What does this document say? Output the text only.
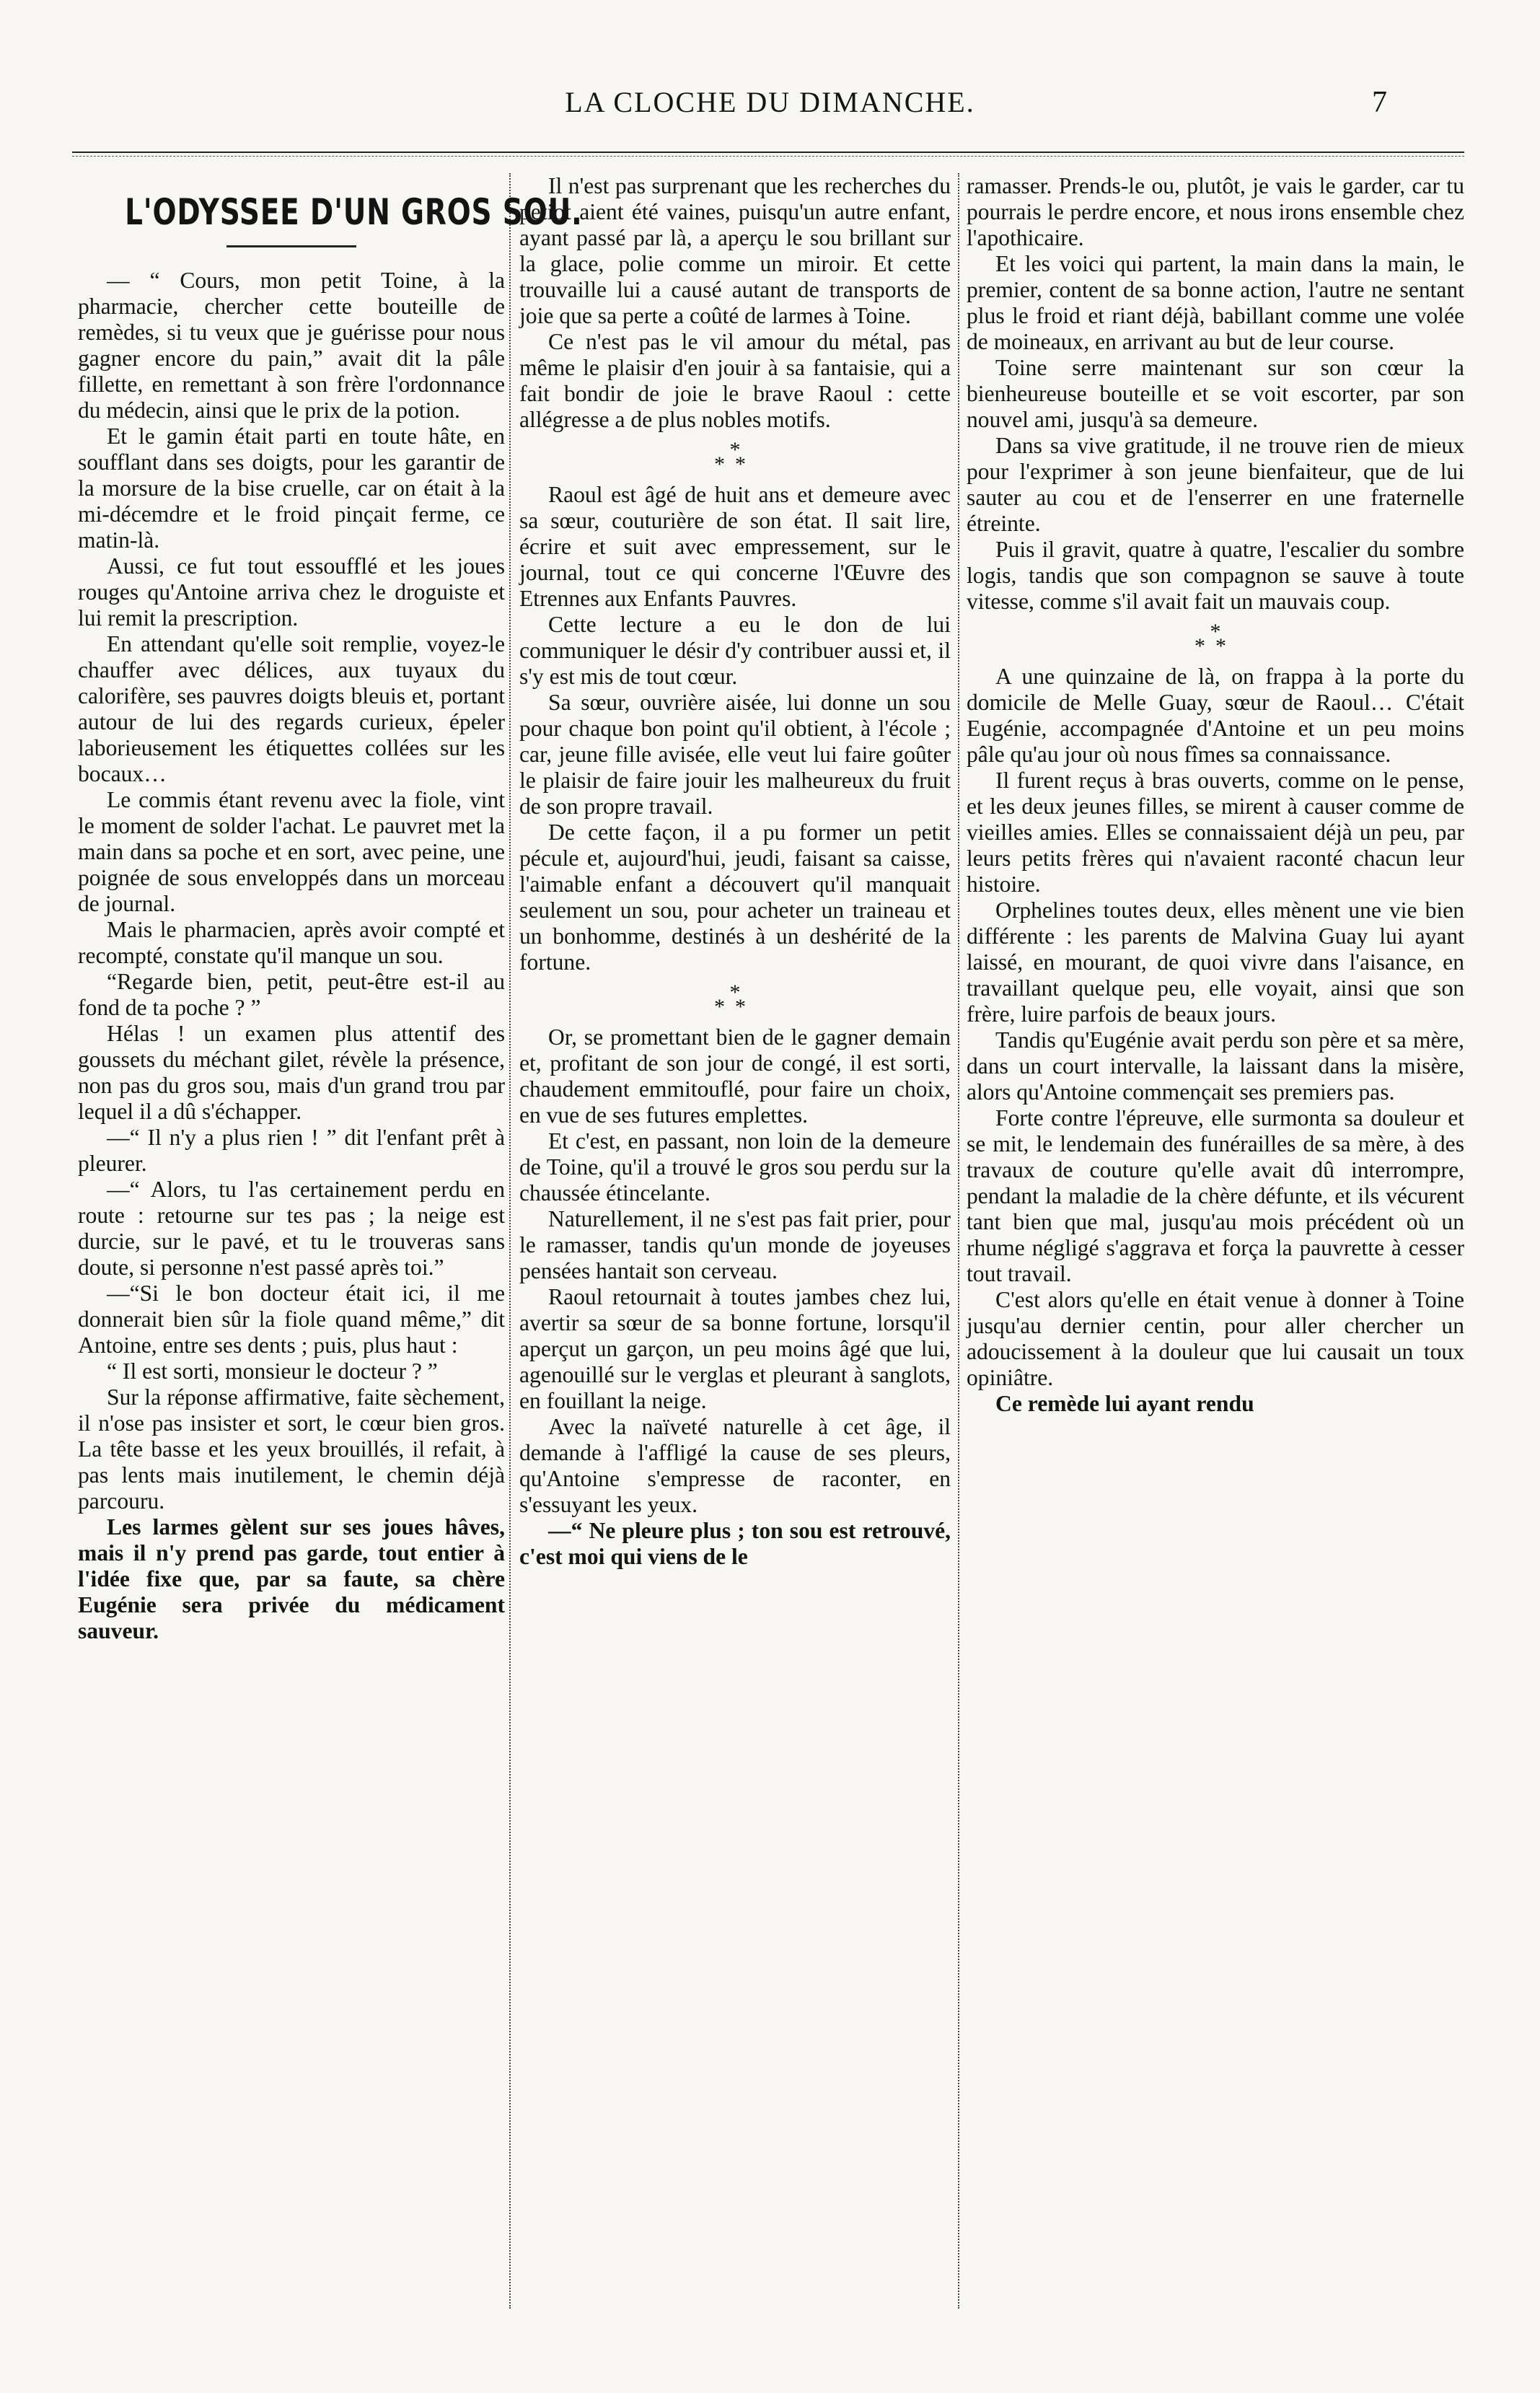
LA CLOCHE DU DIMANCHE.	7
L'ODYSSEE D'UN GROS SOU.

— “ Cours, mon petit Toine, à la pharmacie, chercher cette bouteille de remèdes, si tu veux que je guérisse pour nous gagner encore du pain,” avait dit la pâle fillette, en remettant à son frère l'ordonnance du médecin, ainsi que le prix de la potion.

Et le gamin était parti en toute hâte, en soufflant dans ses doigts, pour les garantir de la morsure de la bise cruelle, car on était à la mi-décemdre et le froid pinçait ferme, ce matin-là.

Aussi, ce fut tout essoufflé et les joues rouges qu'Antoine arriva chez le droguiste et lui remit la prescription.

En attendant qu'elle soit remplie, voyez-le chauffer avec délices, aux tuyaux du calorifère, ses pauvres doigts bleuis et, portant autour de lui des regards curieux, épeler laborieusement les étiquettes collées sur les bocaux…

Le commis étant revenu avec la fiole, vint le moment de solder l'achat. Le pauvret met la main dans sa poche et en sort, avec peine, une poignée de sous enveloppés dans un morceau de journal.

Mais le pharmacien, après avoir compté et recompté, constate qu'il manque un sou.

“Regarde bien, petit, peut-être est-il au fond de ta poche ? ”

Hélas ! un examen plus attentif des goussets du méchant gilet, révèle la présence, non pas du gros sou, mais d'un grand trou par lequel il a dû s'échapper.

—“ Il n'y a plus rien ! ” dit l'enfant prêt à pleurer.

—“ Alors, tu l'as certainement perdu en route : retourne sur tes pas ; la neige est durcie, sur le pavé, et tu le trouveras sans doute, si personne n'est passé après toi.”

—“Si le bon docteur était ici, il me donnerait bien sûr la fiole quand même,” dit Antoine, entre ses dents ; puis, plus haut :

“ Il est sorti, monsieur le docteur ? ”

Sur la réponse affirmative, faite sèchement, il n'ose pas insister et sort, le cœur bien gros. La tête basse et les yeux brouillés, il refait, à pas lents mais inutilement, le chemin déjà parcouru.

Les larmes gèlent sur ses joues hâves, mais il n'y prend pas garde, tout entier à l'idée fixe que, par sa faute, sa chère Eugénie sera privée du médicament sauveur.

Il n'est pas surprenant que les recherches du petiot aient été vaines, puisqu'un autre enfant, ayant passé par là, a aperçu le sou brillant sur la glace, polie comme un miroir. Et cette trouvaille lui a causé autant de transports de joie que sa perte a coûté de larmes à Toine.

Ce n'est pas le vil amour du métal, pas même le plaisir d'en jouir à sa fantaisie, qui a fait bondir de joie le brave Raoul : cette allégresse a de plus nobles motifs.

*
**

Raoul est âgé de huit ans et demeure avec sa sœur, couturière de son état. Il sait lire, écrire et suit avec empressement, sur le journal, tout ce qui concerne l'Œuvre des Etrennes aux Enfants Pauvres.

Cette lecture a eu le don de lui communiquer le désir d'y contribuer aussi et, il s'y est mis de tout cœur.

Sa sœur, ouvrière aisée, lui donne un sou pour chaque bon point qu'il obtient, à l'école ; car, jeune fille avisée, elle veut lui faire goûter le plaisir de faire jouir les malheureux du fruit de son propre travail.

De cette façon, il a pu former un petit pécule et, aujourd'hui, jeudi, faisant sa caisse, l'aimable enfant a découvert qu'il manquait seulement un sou, pour acheter un traineau et un bonhomme, destinés à un deshérité de la fortune.

*
**

Or, se promettant bien de le gagner demain et, profitant de son jour de congé, il est sorti, chaudement emmitouflé, pour faire un choix, en vue de ses futures emplettes.

Et c'est, en passant, non loin de la demeure de Toine, qu'il a trouvé le gros sou perdu sur la chaussée étincelante.

Naturellement, il ne s'est pas fait prier, pour le ramasser, tandis qu'un monde de joyeuses pensées hantait son cerveau.

Raoul retournait à toutes jambes chez lui, avertir sa sœur de sa bonne fortune, lorsqu'il aperçut un garçon, un peu moins âgé que lui, agenouillé sur le verglas et pleurant à sanglots, en fouillant la neige.

Avec la naïveté naturelle à cet âge, il demande à l'affligé la cause de ses pleurs, qu'Antoine s'empresse de raconter, en s'essuyant les yeux.

—“ Ne pleure plus ; ton sou est retrouvé, c'est moi qui viens de le

ramasser. Prends-le ou, plutôt, je vais le garder, car tu pourrais le perdre encore, et nous irons ensemble chez l'apothicaire.

Et les voici qui partent, la main dans la main, le premier, content de sa bonne action, l'autre ne sentant plus le froid et riant déjà, babillant comme une volée de moineaux, en arrivant au but de leur course.

Toine serre maintenant sur son cœur la bienheureuse bouteille et se voit escorter, par son nouvel ami, jusqu'à sa demeure.

Dans sa vive gratitude, il ne trouve rien de mieux pour l'exprimer à son jeune bienfaiteur, que de lui sauter au cou et de l'enserrer en une fraternelle étreinte.

Puis il gravit, quatre à quatre, l'escalier du sombre logis, tandis que son compagnon se sauve à toute vitesse, comme s'il avait fait un mauvais coup.

*
**

A une quinzaine de là, on frappa à la porte du domicile de Melle Guay, sœur de Raoul… C'était Eugénie, accompagnée d'Antoine et un peu moins pâle qu'au jour où nous fîmes sa connaissance.

Il furent reçus à bras ouverts, comme on le pense, et les deux jeunes filles, se mirent à causer comme de vieilles amies. Elles se connaissaient déjà un peu, par leurs petits frères qui n'avaient raconté chacun leur histoire.

Orphelines toutes deux, elles mènent une vie bien différente : les parents de Malvina Guay lui ayant laissé, en mourant, de quoi vivre dans l'aisance, en travaillant quelque peu, elle voyait, ainsi que son frère, luire parfois de beaux jours.

Tandis qu'Eugénie avait perdu son père et sa mère, dans un court intervalle, la laissant dans la misère, alors qu'Antoine commençait ses premiers pas.

Forte contre l'épreuve, elle surmonta sa douleur et se mit, le lendemain des funérailles de sa mère, à des travaux de couture qu'elle avait dû interrompre, pendant la maladie de la chère défunte, et ils vécurent tant bien que mal, jusqu'au mois précédent où un rhume négligé s'aggrava et força la pauvrette à cesser tout travail.

C'est alors qu'elle en était venue à donner à Toine jusqu'au dernier centin, pour aller chercher un adoucissement à la douleur que lui causait un toux opiniâtre.

Ce remède lui ayant rendu
